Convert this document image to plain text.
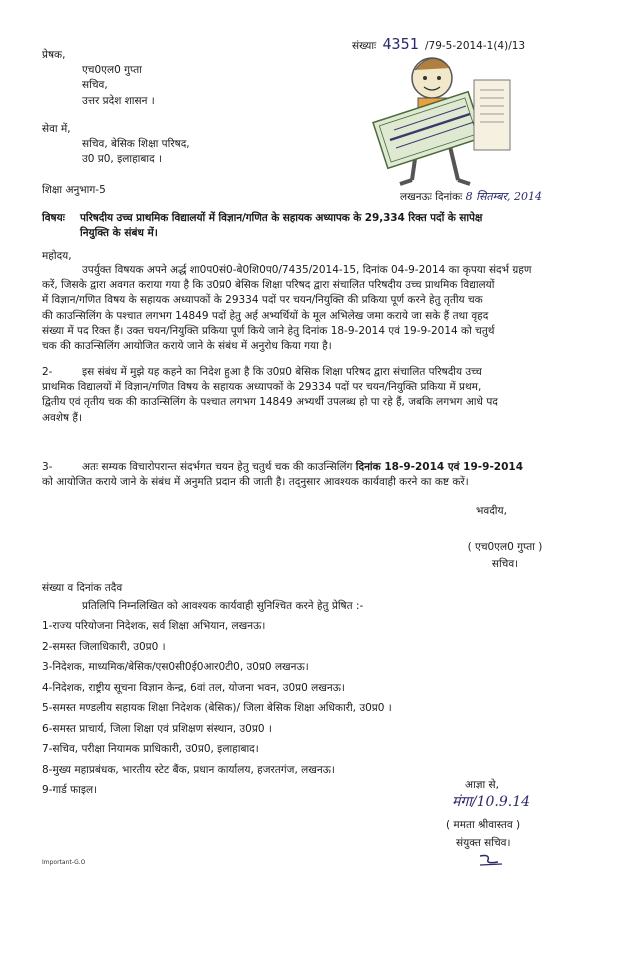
संख्याः 4351 /79-5-2014-1(4)/13
प्रेषक,
एच0एल0 गुप्ता
सचिव,
उत्तर प्रदेश शासन ।
सेवा में,
सचिव, बेसिक शिक्षा परिषद,
उ0 प्र0, इलाहाबाद ।
शिक्षा अनुभाग-5
लखनऊः दिनांकः 8 सितम्बर, 2014
विषयः	परिषदीय उच्च प्राथमिक विद्यालयों में विज्ञान/गणित के सहायक अध्यापक के 29,334 रिक्त पदों के सापेक्ष
नियुक्ति के संबंध में।
महोदय,
उपर्युक्त विषयक अपने अर्द्ध शा0प0सं0-बे0शि0प0/7435/2014-15, दिनांक 04-9-2014 का कृपया संदर्भ ग्रहण
करें, जिसके द्वारा अवगत कराया गया है कि उ0प्र0 बेसिक शिक्षा परिषद द्वारा संचालित परिषदीय उच्च प्राथमिक विद्यालयों
में विज्ञान/गणित विषय के सहायक अध्यापकों के 29334 पदों पर चयन/नियुक्ति की प्रकिया पूर्ण करने हेतु तृतीय चक
की काउन्सिलिंग के पश्चात लगभग 14849 पदों हेतु अर्ह अभ्यर्थियों के मूल अभिलेख जमा कराये जा सके हैं तथा वृहद
संख्या में पद रिक्त हैं। उक्त चयन/नियुक्ति प्रकिया पूर्ण किये जाने हेतु दिनांक 18-9-2014 एवं 19-9-2014 को चतुर्थ
चक की काउन्सिलिंग आयोजित कराये जाने के संबंध में अनुरोध किया गया है।
2-	इस संबंध में मुझे यह कहने का निदेश हुआ है कि उ0प्र0 बेसिक शिक्षा परिषद द्वारा संचालित परिषदीय उच्च
प्राथमिक विद्यालयों में विज्ञान/गणित विषय के सहायक अध्यापकों के 29334 पदों पर चयन/नियुक्ति प्रकिया में प्रथम,
द्वितीय एवं तृतीय चक की काउन्सिलिंग के पश्चात लगभग 14849 अभ्यर्थी उपलब्ध हो पा रहे हैं, जबकि लगभग आधे पद
अवशेष हैं।
3-	अतः सम्यक विचारोपरान्त संदर्भगत चयन हेतु चतुर्थ चक की काउन्सिलिंग दिनांक 18-9-2014 एवं 19-9-2014
को आयोजित कराये जाने के संबंध में अनुमति प्रदान की जाती है। तद्नुसार आवश्यक कार्यवाही करने का कष्ट करें।
भवदीय,
( एच0एल0 गुप्ता )
सचिव।
संख्या व दिनांक तदैव
प्रतिलिपि निम्नलिखित को आवश्यक कार्यवाही सुनिश्चित करने हेतु प्रेषित :-
1-राज्य परियोजना निदेशक, सर्व शिक्षा अभियान, लखनऊ।
2-समस्त जिलाधिकारी, उ0प्र0 ।
3-निदेशक, माध्यमिक/बेसिक/एस0सी0ई0आर0टी0, उ0प्र0 लखनऊ।
4-निदेशक, राष्ट्रीय सूचना विज्ञान केन्द्र, 6वां तल, योजना भवन, उ0प्र0 लखनऊ।
5-समस्त मण्डलीय सहायक शिक्षा निदेशक (बेसिक)/ जिला बेसिक शिक्षा अधिकारी, उ0प्र0 ।
6-समस्त प्राचार्य, जिला शिक्षा एवं प्रशिक्षण संस्थान, उ0प्र0 ।
7-सचिव, परीक्षा नियामक प्राधिकारी, उ0प्र0, इलाहाबाद।
8-मुख्य महाप्रबंधक, भारतीय स्टेट बैंक, प्रधान कार्यालय, हजरतगंज, लखनऊ।
9-गार्ड फाइल।	आज्ञा से,
मंगा/10.9.14
( ममता श्रीवास्तव )
संयुक्त सचिव।
Important-G.O
